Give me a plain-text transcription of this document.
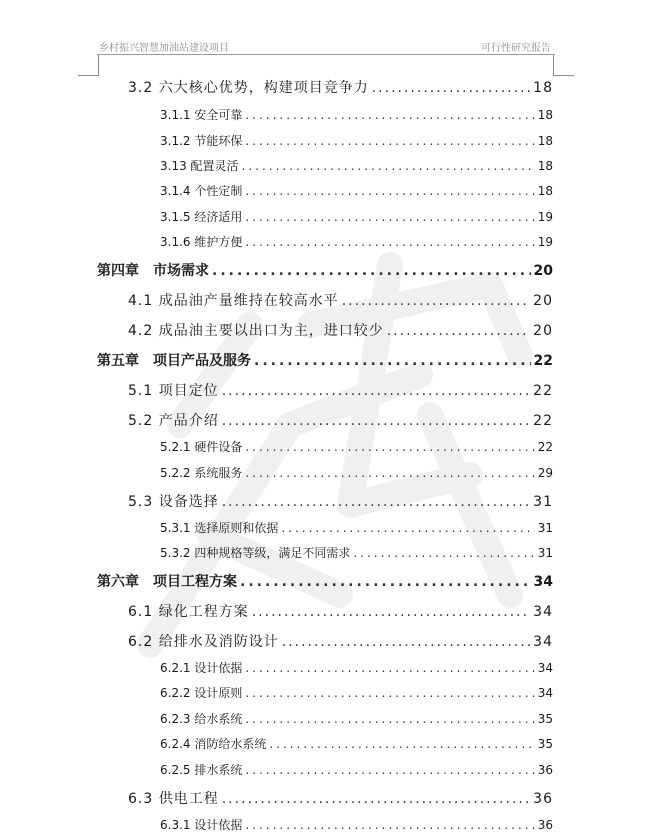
乡村振兴智慧加油站建设项目	可行性研究报告
3.2 六大核心优势，构建项目竞争力 .....	18
3.1.1 安全可靠 .....	18
3.1.2 节能环保 .....	18
3.13 配置灵活 .....	18
3.1.4 个性定制 .....	18
3.1.5 经济适用 .....	19
3.1.6 维护方便 .....	19
第四章　市场需求 .....	20
4.1 成品油产量维持在较高水平 .....	20
4.2 成品油主要以出口为主，进口较少 .....	20
第五章　项目产品及服务 .....	22
5.1 项目定位 .....	22
5.2 产品介绍 .....	22
5.2.1 硬件设备 .....	22
5.2.2 系统服务 .....	29
5.3 设备选择 .....	31
5.3.1 选择原则和依据 .....	31
5.3.2 四种规格等级，满足不同需求 .....	31
第六章　项目工程方案 .....	34
6.1 绿化工程方案 .....	34
6.2 给排水及消防设计 .....	34
6.2.1 设计依据 .....	34
6.2.2 设计原则 .....	34
6.2.3 给水系统 .....	35
6.2.4 消防给水系统 .....	35
6.2.5 排水系统 .....	36
6.3 供电工程 .....	36
6.3.1 设计依据 .....	36
